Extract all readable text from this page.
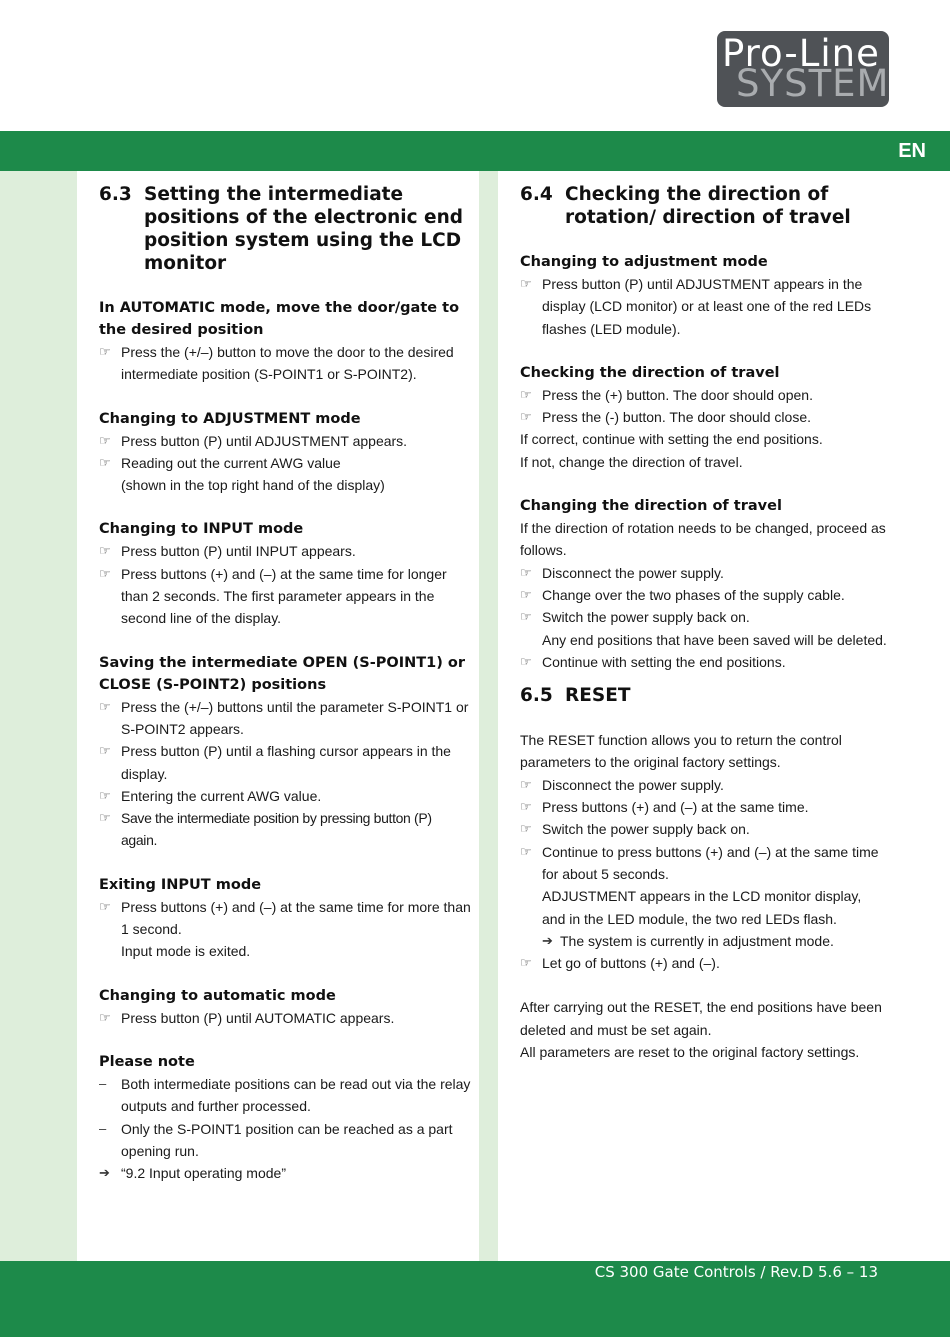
Pro-Line
SYSTEM
EN
6.3 Setting the intermediate positions of the electronic end position system using the LCD monitor
In AUTOMATIC mode, move the door/gate to the desired position
☞ Press the (+/–) button to move the door to the desired intermediate position (S-POINT1 or S-POINT2).
Changing to ADJUSTMENT mode
☞ Press button (P) until ADJUSTMENT appears.
☞ Reading out the current AWG value
(shown in the top right hand of the display)
Changing to INPUT mode
☞ Press button (P) until INPUT appears.
☞ Press buttons (+) and (–) at the same time for longer than 2 seconds. The first parameter appears in the second line of the display.
Saving the intermediate OPEN (S-POINT1) or CLOSE (S-POINT2) positions
☞ Press the (+/–) buttons until the parameter S-POINT1 or S-POINT2 appears.
☞ Press button (P) until a flashing cursor appears in the display.
☞ Entering the current AWG value.
☞ Save the intermediate position by pressing button (P) again.
Exiting INPUT mode
☞ Press buttons (+) and (–) at the same time for more than 1 second.
Input mode is exited.
Changing to automatic mode
☞ Press button (P) until AUTOMATIC appears.
Please note
–	Both intermediate positions can be read out via the relay outputs and further processed.
–	Only the S-POINT1 position can be reached as a part opening run.
➔ “9.2 Input operating mode”
6.4 Checking the direction of rotation/ direction of travel
Changing to adjustment mode
☞ Press button (P) until ADJUSTMENT appears in the display (LCD monitor) or at least one of the red LEDs flashes (LED module).
Checking the direction of travel
☞ Press the (+) button. The door should open.
☞ Press the (-) button. The door should close.
If correct, continue with setting the end positions.
If not, change the direction of travel.
Changing the direction of travel
If the direction of rotation needs to be changed, proceed as follows.
☞ Disconnect the power supply.
☞ Change over the two phases of the supply cable.
☞ Switch the power supply back on.
Any end positions that have been saved will be deleted.
☞ Continue with setting the end positions.
6.5 RESET
The RESET function allows you to return the control parameters to the original factory settings.
☞ Disconnect the power supply.
☞ Press buttons (+) and (–) at the same time.
☞ Switch the power supply back on.
☞ Continue to press buttons (+) and (–) at the same time for about 5 seconds.
ADJUSTMENT appears in the LCD monitor display,
and in the LED module, the two red LEDs flash.
➔ The system is currently in adjustment mode.
☞ Let go of buttons (+) and (–).
After carrying out the RESET, the end positions have been deleted and must be set again.
All parameters are reset to the original factory settings.
CS 300 Gate Controls / Rev.D 5.6 – 13
